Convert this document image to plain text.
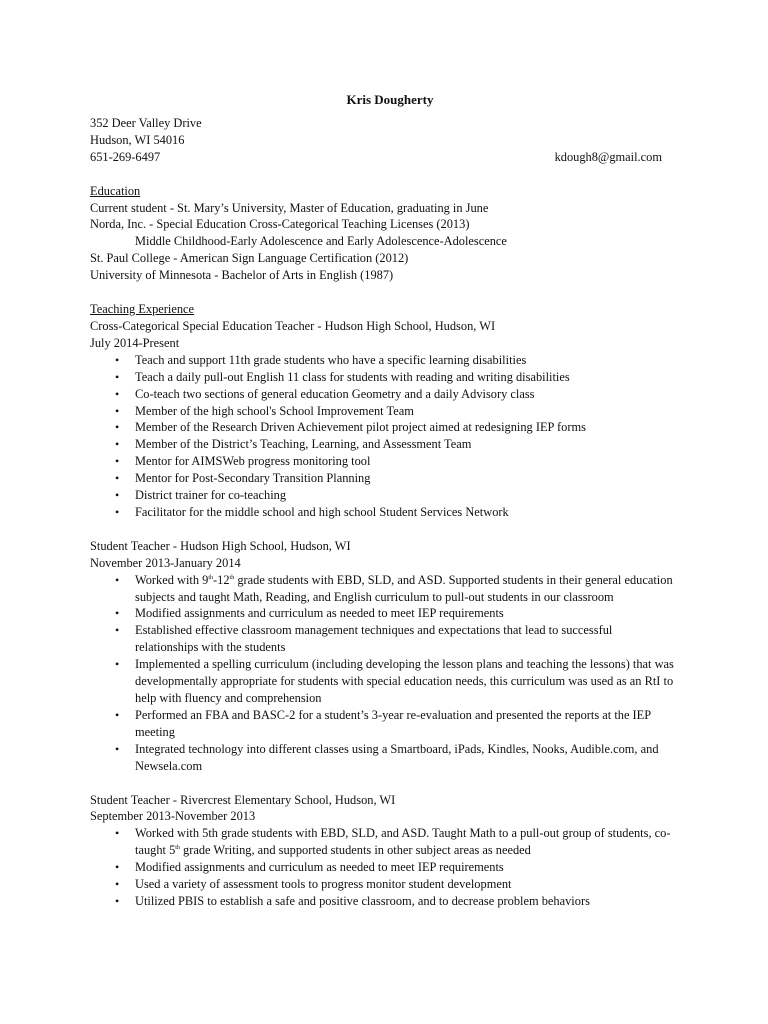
Kris Dougherty
352 Deer Valley Drive
Hudson, WI 54016
651-269-6497	kdough8@gmail.com
Education
Current student - St. Mary’s University, Master of Education, graduating in June
Norda, Inc. - Special Education Cross-Categorical Teaching Licenses (2013)
Middle Childhood-Early Adolescence and Early Adolescence-Adolescence
St. Paul College - American Sign Language Certification (2012)
University of Minnesota - Bachelor of Arts in English (1987)
Teaching Experience
Cross-Categorical Special Education Teacher - Hudson High School, Hudson, WI
July 2014-Present
• Teach and support 11th grade students who have a specific learning disabilities
• Teach a daily pull-out English 11 class for students with reading and writing disabilities
• Co-teach two sections of general education Geometry and a daily Advisory class
• Member of the high school's School Improvement Team
• Member of the Research Driven Achievement pilot project aimed at redesigning IEP forms
• Member of the District’s Teaching, Learning, and Assessment Team
• Mentor for AIMSWeb progress monitoring tool
• Mentor for Post-Secondary Transition Planning
• District trainer for co-teaching
• Facilitator for the middle school and high school Student Services Network
Student Teacher - Hudson High School, Hudson, WI
November 2013-January 2014
• Worked with 9th-12th grade students with EBD, SLD, and ASD. Supported students in their general education subjects and taught Math, Reading, and English curriculum to pull-out students in our classroom
• Modified assignments and curriculum as needed to meet IEP requirements
• Established effective classroom management techniques and expectations that lead to successful relationships with the students
• Implemented a spelling curriculum (including developing the lesson plans and teaching the lessons) that was developmentally appropriate for students with special education needs, this curriculum was used as an RtI to help with fluency and comprehension
• Performed an FBA and BASC-2 for a student’s 3-year re-evaluation and presented the reports at the IEP meeting
• Integrated technology into different classes using a Smartboard, iPads, Kindles, Nooks, Audible.com, and Newsela.com
Student Teacher - Rivercrest Elementary School, Hudson, WI
September 2013-November 2013
• Worked with 5th grade students with EBD, SLD, and ASD. Taught Math to a pull-out group of students, co-taught 5th grade Writing, and supported students in other subject areas as needed
• Modified assignments and curriculum as needed to meet IEP requirements
• Used a variety of assessment tools to progress monitor student development
• Utilized PBIS to establish a safe and positive classroom, and to decrease problem behaviors
